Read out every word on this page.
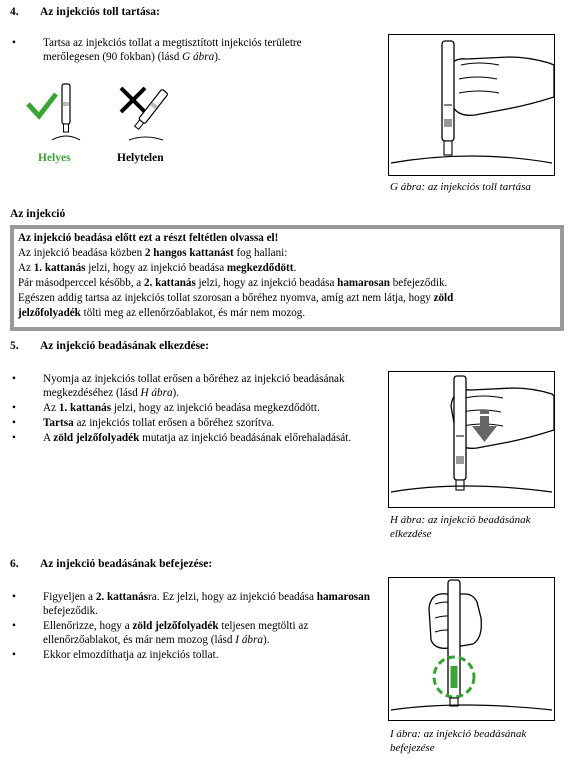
4. Az injekciós toll tartása:
• Tartsa az injekciós tollat a megtisztított injekciós területre merőlegesen (90 fokban) (lásd G ábra).
Helyes	Helytelen
G ábra: az injekciós toll tartása
Az injekció
Az injekció beadása előtt ezt a részt feltétlen olvassa el!
Az injekció beadása közben 2 hangos kattanást fog hallani:
Az 1. kattanás jelzi, hogy az injekció beadása megkezdődött.
Pár másodperccel később, a 2. kattanás jelzi, hogy az injekció beadása hamarosan befejeződik.
Egészen addig tartsa az injekciós tollat szorosan a bőréhez nyomva, amíg azt nem látja, hogy zöld
jelzőfolyadék tölti meg az ellenőrzőablakot, és már nem mozog.
5. Az injekció beadásának elkezdése:
• Nyomja az injekciós tollat erősen a bőréhez az injekció beadásának megkezdéséhez (lásd H ábra).
• Az 1. kattanás jelzi, hogy az injekció beadása megkezdődött.
• Tartsa az injekciós tollat erősen a bőréhez szorítva.
• A zöld jelzőfolyadék mutatja az injekció beadásának előrehaladását.
H ábra: az injekció beadásának elkezdése
6. Az injekció beadásának befejezése:
• Figyeljen a 2. kattanásra. Ez jelzi, hogy az injekció beadása hamarosan befejeződik.
• Ellenőrizze, hogy a zöld jelzőfolyadék teljesen megtölti az ellenőrzőablakot, és már nem mozog (lásd I ábra).
• Ekkor elmozdíthatja az injekciós tollat.
I ábra: az injekció beadásának befejezése
